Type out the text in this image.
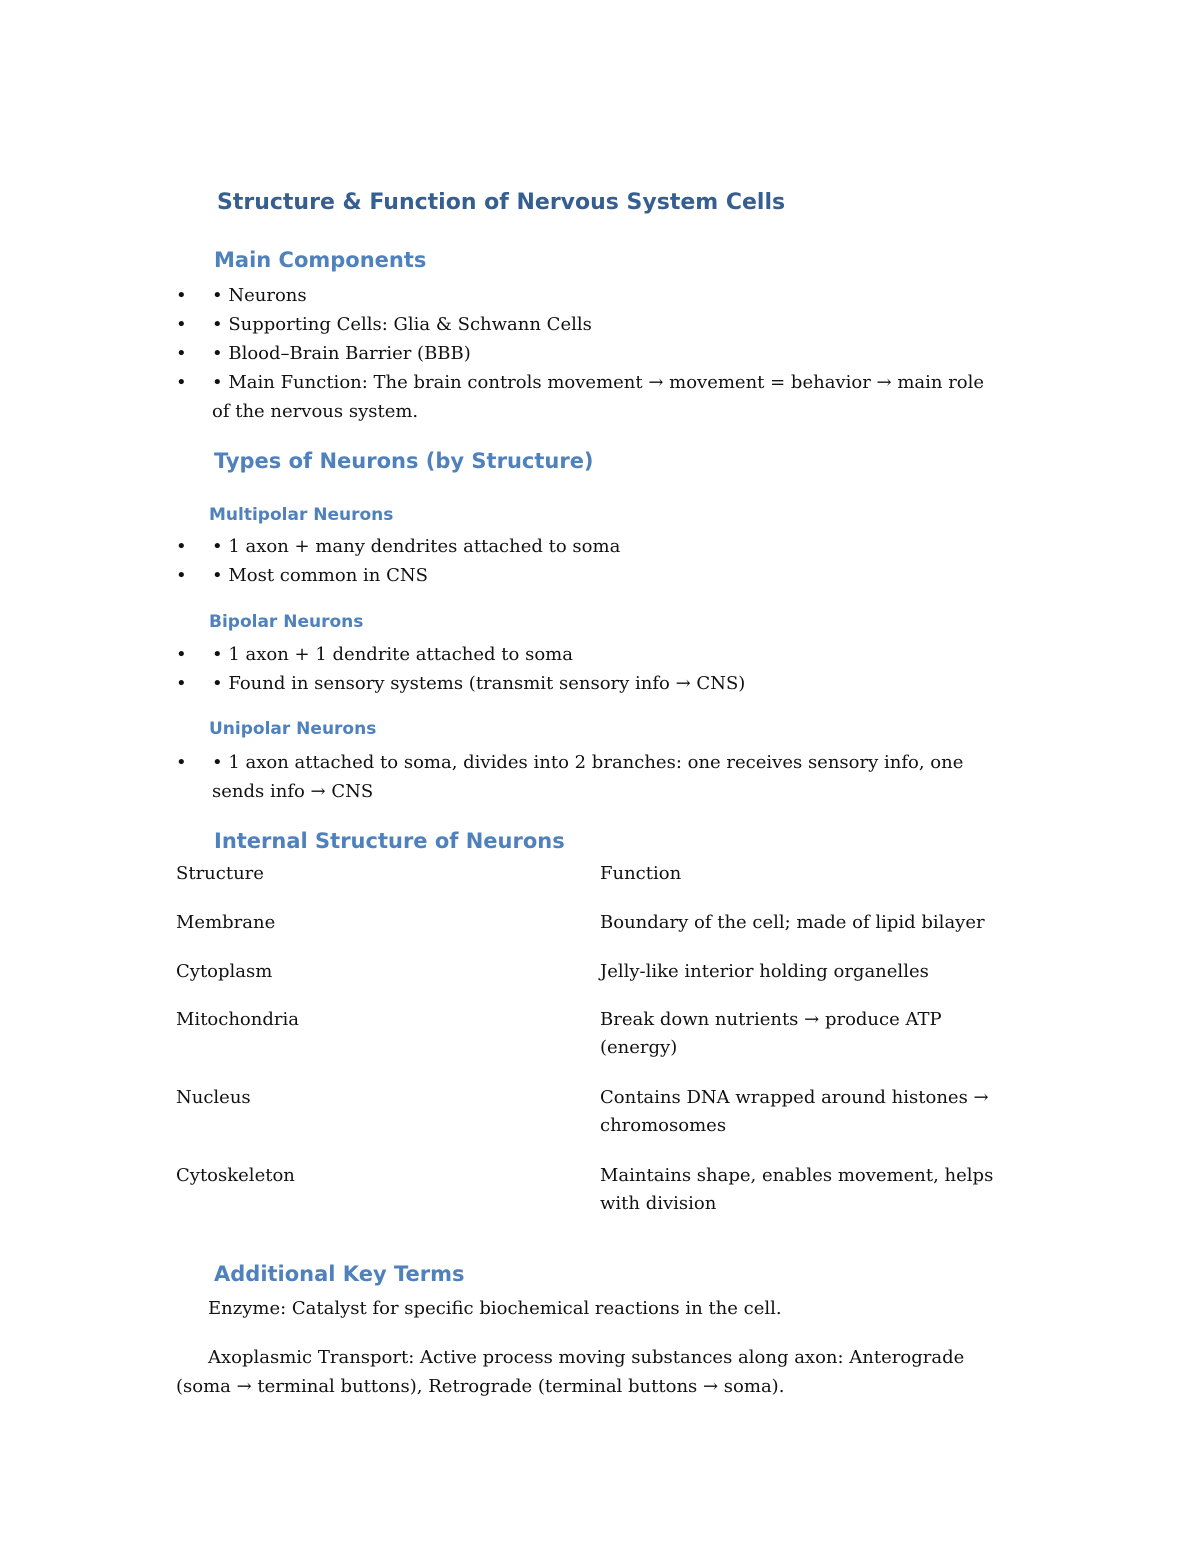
Structure & Function of Nervous System Cells
Main Components
• • Neurons
• • Supporting Cells: Glia & Schwann Cells
• • Blood–Brain Barrier (BBB)
• • Main Function: The brain controls movement → movement = behavior → main role of the nervous system.
Types of Neurons (by Structure)
Multipolar Neurons
• • 1 axon + many dendrites attached to soma
• • Most common in CNS
Bipolar Neurons
• • 1 axon + 1 dendrite attached to soma
• • Found in sensory systems (transmit sensory info → CNS)
Unipolar Neurons
• • 1 axon attached to soma, divides into 2 branches: one receives sensory info, one sends info → CNS
Internal Structure of Neurons
Structure	Function
Membrane	Boundary of the cell; made of lipid bilayer
Cytoplasm	Jelly-like interior holding organelles
Mitochondria	Break down nutrients → produce ATP (energy)
Nucleus	Contains DNA wrapped around histones → chromosomes
Cytoskeleton	Maintains shape, enables movement, helps with division
Additional Key Terms

Enzyme: Catalyst for specific biochemical reactions in the cell.

Axoplasmic Transport: Active process moving substances along axon: Anterograde (soma → terminal buttons), Retrograde (terminal buttons → soma).
